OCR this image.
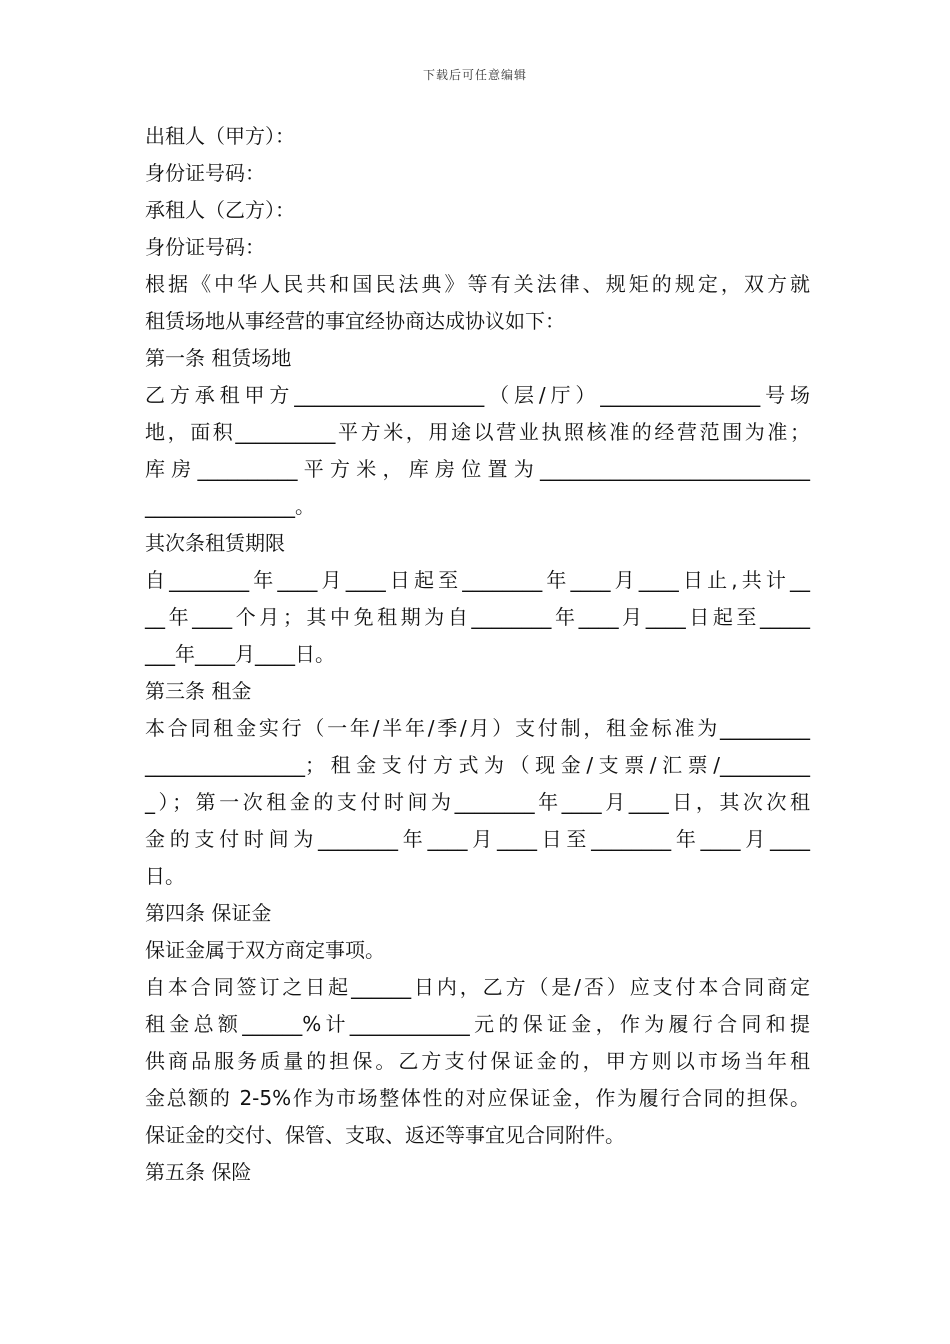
下载后可任意编辑
出租人（甲方）：
身份证号码：
承租人（乙方）：
身份证号码：
根据《中华人民共和国民法典》等有关法律、规矩的规定，双方就
租赁场地从事经营的事宜经协商达成协议如下：
第一条 租赁场地
乙方承租甲方___________________（层/厅）________________号场
地，面积__________平方米，用途以营业执照核准的经营范围为准；
库房__________平方米，库房位置为___________________________
_______________。
其次条租赁期限
自________年____月____日起至________年____月____日止,共计__
__年____个月；其中免租期为自________年____月____日起至_____
___年____月____日。
第三条 租金
本合同租金实行（一年/半年/季/月）支付制，租金标准为_________
________________；租金支付方式为（现金/支票/汇票/_________
_）；第一次租金的支付时间为________年____月____日，其次次租
金的支付时间为________年____月____日至________年____月____
日。
第四条 保证金
保证金属于双方商定事项。
自本合同签订之日起______日内，乙方（是/否）应支付本合同商定
租金总额______%计____________元的保证金，作为履行合同和提
供商品服务质量的担保。乙方支付保证金的，甲方则以市场当年租
金总额的 2-5%作为市场整体性的对应保证金，作为履行合同的担保。
保证金的交付、保管、支取、返还等事宜见合同附件。
第五条 保险
